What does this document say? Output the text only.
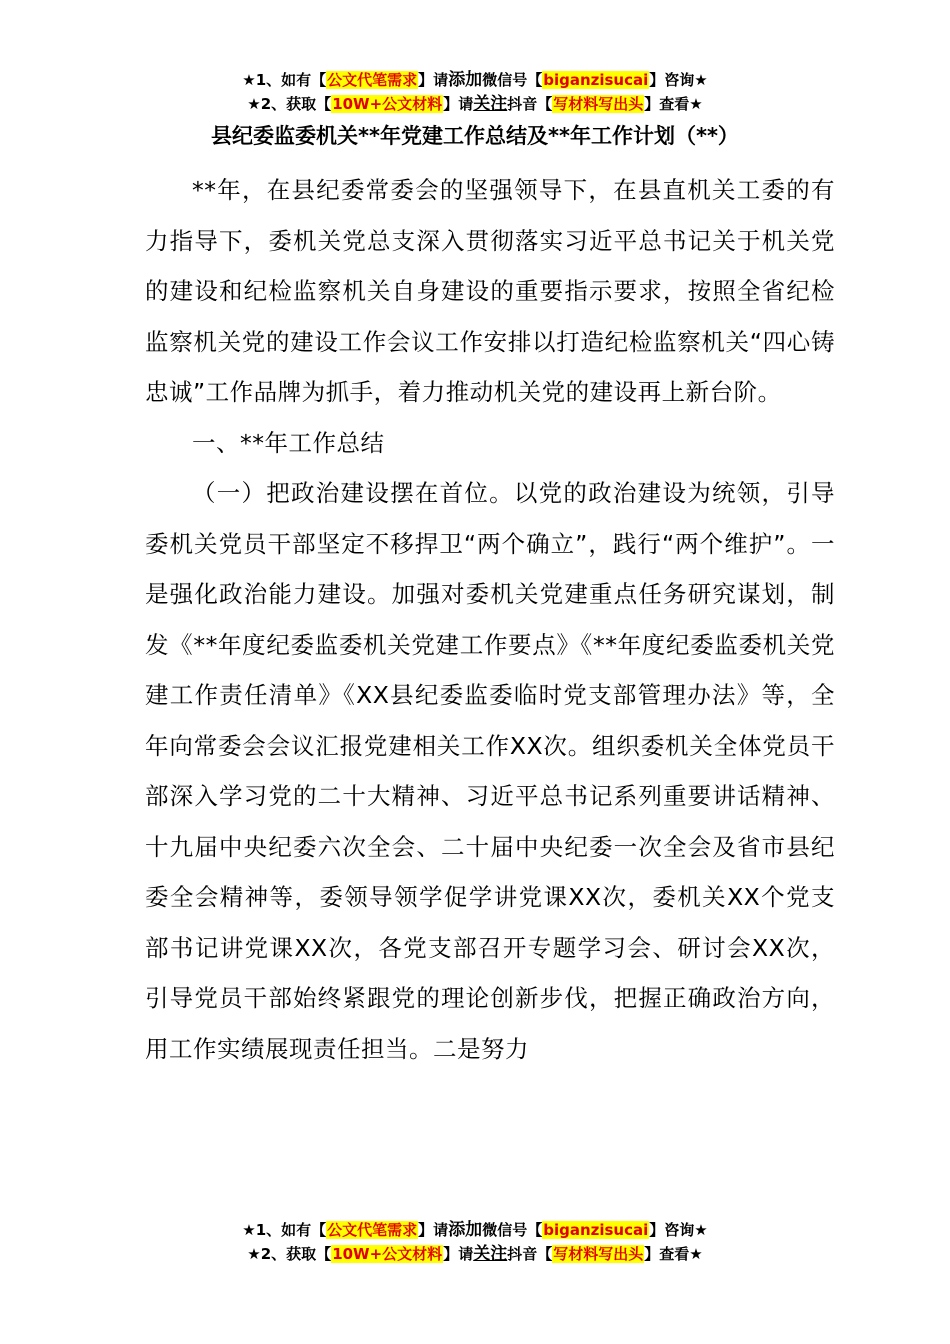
★1、如有【公文代笔需求】请添加微信号【biganzisucai】咨询★
★2、获取【10W+公文材料】请关注抖音【写材料写出头】查看★
县纪委监委机关**年党建工作总结及**年工作计划（**）

**年，在县纪委常委会的坚强领导下，在县直机关工委的有力指导下，委机关党总支深入贯彻落实习近平总书记关于机关党的建设和纪检监察机关自身建设的重要指示要求，按照全省纪检监察机关党的建设工作会议工作安排以打造纪检监察机关“四心铸忠诚”工作品牌为抓手，着力推动机关党的建设再上新台阶。

一、**年工作总结

（一）把政治建设摆在首位。以党的政治建设为统领，引导委机关党员干部坚定不移捍卫“两个确立”，践行“两个维护”。一是强化政治能力建设。加强对委机关党建重点任务研究谋划，制发《**年度纪委监委机关党建工作要点》《**年度纪委监委机关党建工作责任清单》《XX县纪委监委临时党支部管理办法》等，全年向常委会会议汇报党建相关工作XX次。组织委机关全体党员干部深入学习党的二十大精神、习近平总书记系列重要讲话精神、十九届中央纪委六次全会、二十届中央纪委一次全会及省市县纪委全会精神等，委领导领学促学讲党课XX次，委机关XX个党支部书记讲党课XX次，各党支部召开专题学习会、研讨会XX次，引导党员干部始终紧跟党的理论创新步伐，把握正确政治方向，用工作实绩展现责任担当。二是努力

★1、如有【公文代笔需求】请添加微信号【biganzisucai】咨询★
★2、获取【10W+公文材料】请关注抖音【写材料写出头】查看★
